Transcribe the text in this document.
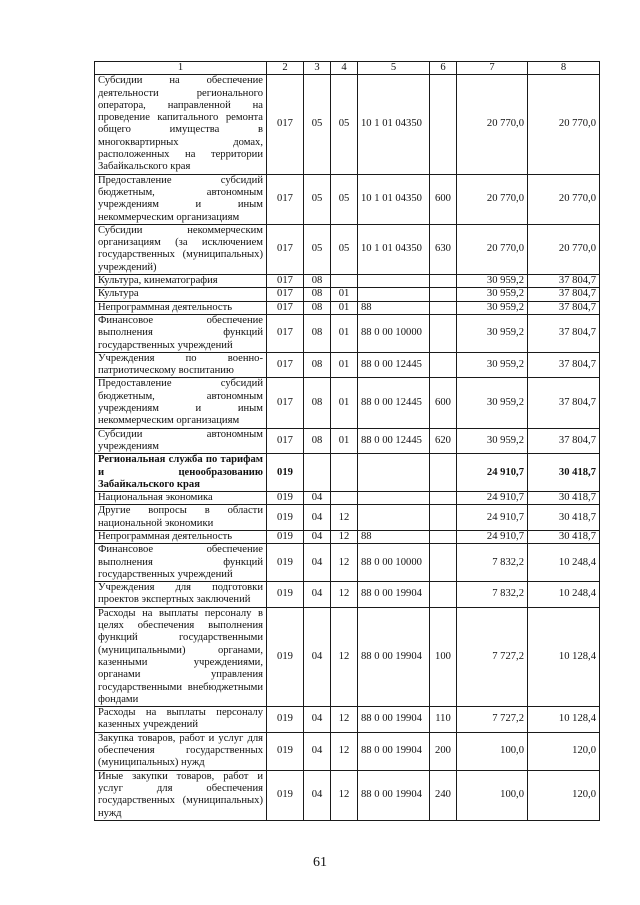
1	2	3	4	5	6	7	8
Субсидии на обеспечение деятельности регионального оператора, направленной на проведение капитального ремонта общего имущества в многоквартирных домах, расположенных на территории Забайкальского края	017	05	05	10 1 01 04350		20 770,0	20 770,0
Предоставление субсидий бюджетным, автономным учреждениям и иным некоммерческим организациям	017	05	05	10 1 01 04350	600	20 770,0	20 770,0
Субсидии некоммерческим организациям (за исключением государственных (муниципальных) учреждений)	017	05	05	10 1 01 04350	630	20 770,0	20 770,0
Культура, кинематография	017	08				30 959,2	37 804,7
Культура	017	08	01			30 959,2	37 804,7
Непрограммная деятельность	017	08	01	88		30 959,2	37 804,7
Финансовое обеспечение выполнения функций государственных учреждений	017	08	01	88 0 00 10000		30 959,2	37 804,7
Учреждения по военно-патриотическому воспитанию	017	08	01	88 0 00 12445		30 959,2	37 804,7
Предоставление субсидий бюджетным, автономным учреждениям и иным некоммерческим организациям	017	08	01	88 0 00 12445	600	30 959,2	37 804,7
Субсидии автономным учреждениям	017	08	01	88 0 00 12445	620	30 959,2	37 804,7
Региональная служба по тарифам и ценообразованию Забайкальского края	019					24 910,7	30 418,7
Национальная экономика	019	04				24 910,7	30 418,7
Другие вопросы в области национальной экономики	019	04	12			24 910,7	30 418,7
Непрограммная деятельность	019	04	12	88		24 910,7	30 418,7
Финансовое обеспечение выполнения функций государственных учреждений	019	04	12	88 0 00 10000		7 832,2	10 248,4
Учреждения для подготовки проектов экспертных заключений	019	04	12	88 0 00 19904		7 832,2	10 248,4
Расходы на выплаты персоналу в целях обеспечения выполнения функций государственными (муниципальными) органами, казенными учреждениями, органами управления государственными внебюджетными фондами	019	04	12	88 0 00 19904	100	7 727,2	10 128,4
Расходы на выплаты персоналу казенных учреждений	019	04	12	88 0 00 19904	110	7 727,2	10 128,4
Закупка товаров, работ и услуг для обеспечения государственных (муниципальных) нужд	019	04	12	88 0 00 19904	200	100,0	120,0
Иные закупки товаров, работ и услуг для обеспечения государственных (муниципальных) нужд	019	04	12	88 0 00 19904	240	100,0	120,0
61
